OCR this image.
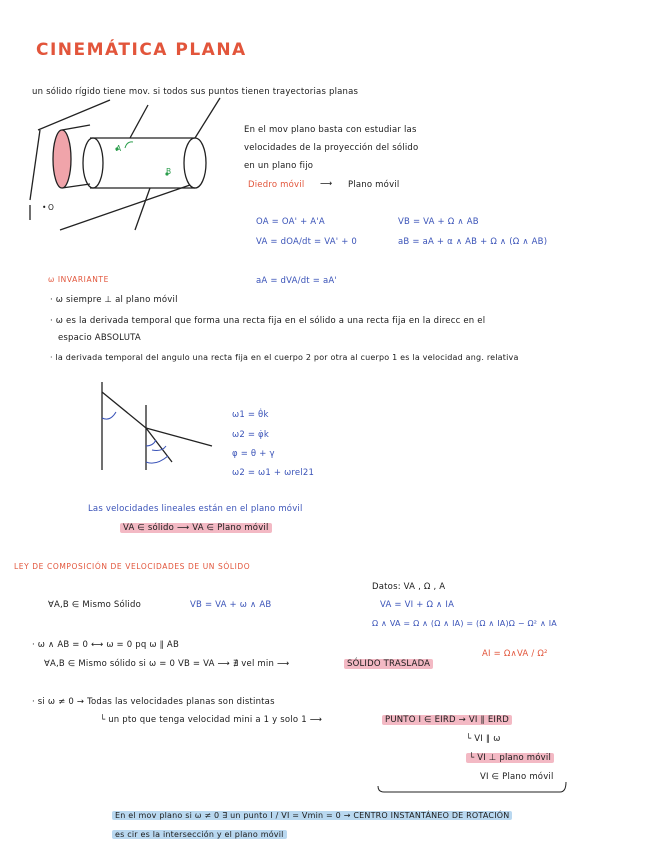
CINEMÁTICA PLANA
un sólido rígido tiene mov. si todos sus puntos tienen trayectorias planas
O
•
A
B
En el mov plano basta con estudiar las
velocidades de la proyección del sólido
en un plano fijo
Diedro móvil ⟶ Plano móvil
OA = OA' + A'A
VA = dOA/dt = VA' + 0
aA = dVA/dt = aA'
VB = VA + Ω ∧ AB
aB = aA + α ∧ AB + Ω ∧ (Ω ∧ AB)
ω INVARIANTE
· ω siempre ⊥ al plano móvil
· ω es la derivada temporal que forma una recta fija en el sólido a una recta fija en la direcc en el
espacio ABSOLUTA
· la derivada temporal del angulo una recta fija en el cuerpo 2 por otra al cuerpo 1 es la velocidad ang. relativa
ω1 = θ̇k
ω2 = φ̇k
φ = θ + γ
ω2 = ω1 + ωrel21
Las velocidades lineales están en el plano móvil
VA ∈ sólido ⟶ VA ∈ Plano móvil
LEY DE COMPOSICIÓN DE VELOCIDADES DE UN SÓLIDO
Datos: VA , Ω , A
VA = VI + Ω ∧ IA
Ω ∧ VA = Ω ∧ (Ω ∧ IA) = (Ω ∧ IA)Ω − Ω² ∧ IA
AI = Ω∧VA / Ω²
∀A,B ∈ Mismo Sólido	VB = VA + ω ∧ AB
· ω ∧ AB = 0 ⟷ ω = 0 pq ω ∥ AB
∀A,B ∈ Mismo sólido si ω = 0 VB = VA ⟶ ∄ vel min ⟶	SÓLIDO TRASLADA
· si ω ≠ 0 → Todas las velocidades planas son distintas
└ un pto que tenga velocidad mini a 1 y solo 1 ⟶	PUNTO I ∈ EIRD → VI ∥ EIRD
└ VI ∥ ω
└ VI ⊥ plano móvil
VI ∈ Plano móvil
En el mov plano si ω ≠ 0 ∃ un punto I / VI = Vmin = 0 → CENTRO INSTANTÁNEO DE ROTACIÓN
es cir es la intersección y el plano móvil
